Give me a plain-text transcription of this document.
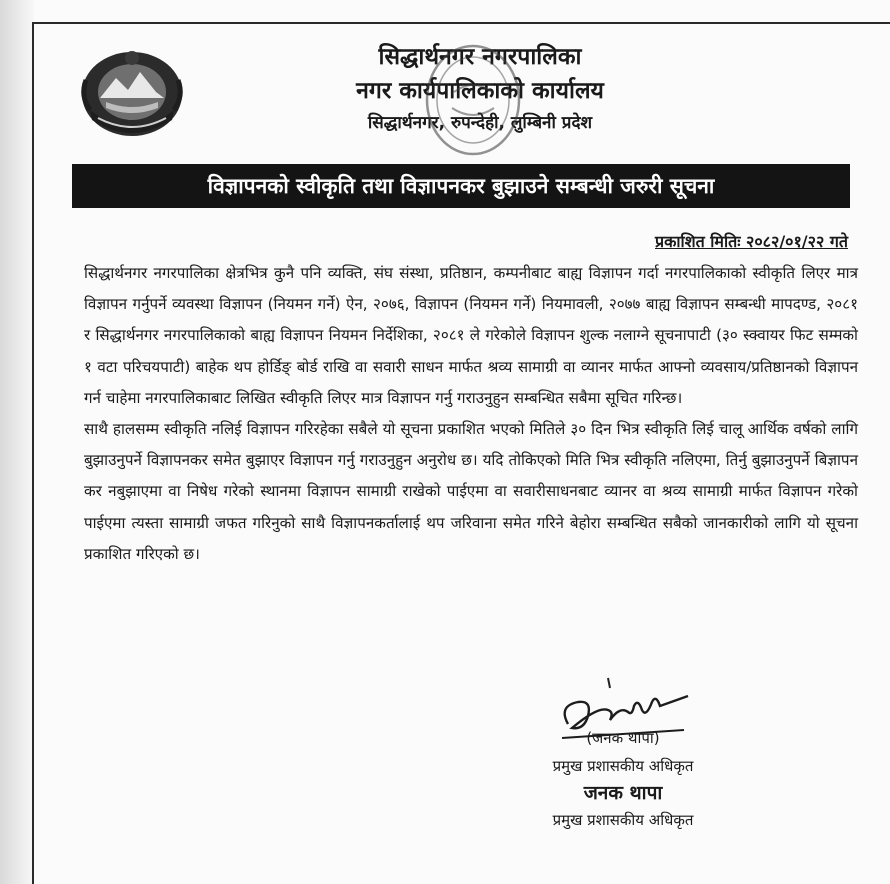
सिद्धार्थनगर नगरपालिका
नगर कार्यपालिकाको कार्यालय
सिद्धार्थनगर, रुपन्देही, लुम्बिनी प्रदेश
विज्ञापनको स्वीकृति तथा विज्ञापनकर बुझाउने सम्बन्धी जरुरी सूचना
प्रकाशित मितिः २०८२/०१/२२ गते

सिद्धार्थनगर नगरपालिका क्षेत्रभित्र कुनै पनि व्यक्ति, संघ संस्था, प्रतिष्ठान, कम्पनीबाट बाह्य विज्ञापन गर्दा नगरपालिकाको स्वीकृति लिएर मात्र विज्ञापन गर्नुपर्ने व्यवस्था विज्ञापन (नियमन गर्ने) ऐन, २०७६, विज्ञापन (नियमन गर्ने) नियमावली, २०७७ बाह्य विज्ञापन सम्बन्धी मापदण्ड, २०८१ र सिद्धार्थनगर नगरपालिकाको बाह्य विज्ञापन नियमन निर्देशिका, २०८१ ले गरेकोले विज्ञापन शुल्क नलाग्ने सूचनापाटी (३० स्क्वायर फिट सम्मको १ वटा परिचयपाटी) बाहेक थप होर्डिङ् बोर्ड राखि वा सवारी साधन मार्फत श्रव्य सामाग्री वा व्यानर मार्फत आफ्नो व्यवसाय/प्रतिष्ठानको विज्ञापन गर्न चाहेमा नगरपालिकाबाट लिखित स्वीकृति लिएर मात्र विज्ञापन गर्नु गराउनुहुन सम्बन्धित सबैमा सूचित गरिन्छ।

साथै हालसम्म स्वीकृति नलिई विज्ञापन गरिरहेका सबैले यो सूचना प्रकाशित भएको मितिले ३० दिन भित्र स्वीकृति लिई चालू आर्थिक वर्षको लागि बुझाउनुपर्ने विज्ञापनकर समेत बुझाएर विज्ञापन गर्नु गराउनुहुन अनुरोध छ। यदि तोकिएको मिति भित्र स्वीकृति नलिएमा, तिर्नु बुझाउनुपर्ने बिज्ञापन कर नबुझाएमा वा निषेध गरेको स्थानमा विज्ञापन सामाग्री राखेको पाईएमा वा सवारीसाधनबाट व्यानर वा श्रव्य सामाग्री मार्फत विज्ञापन गरेको पाईएमा त्यस्ता सामाग्री जफत गरिनुको साथै विज्ञापनकर्तालाई थप जरिवाना समेत गरिने बेहोरा सम्बन्धित सबैको जानकारीको लागि यो सूचना प्रकाशित गरिएको छ।

(जनक थापा)
प्रमुख प्रशासकीय अधिकृत
जनक थापा
प्रमुख प्रशासकीय अधिकृत
